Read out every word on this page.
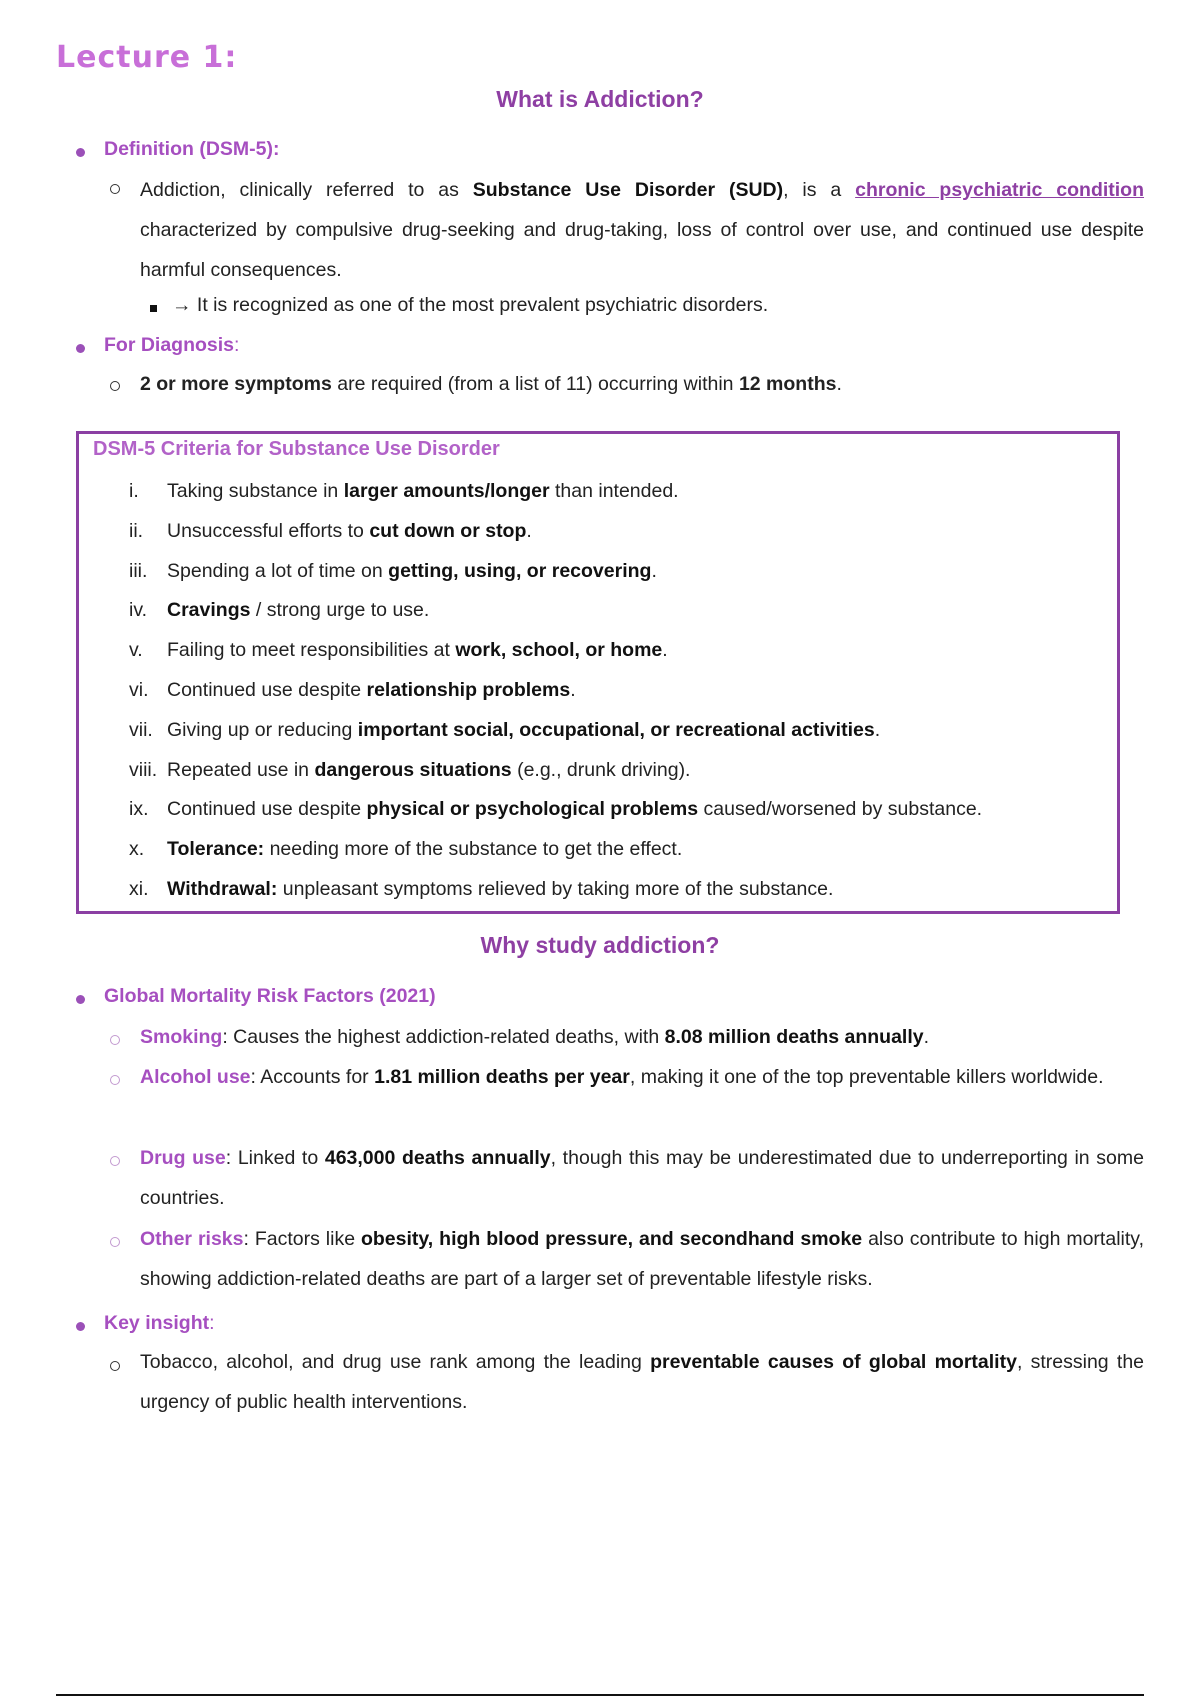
Lecture 1:
What is Addiction?

Definition (DSM-5):

Addiction, clinically referred to as Substance Use Disorder (SUD), is a chronic psychiatric condition characterized by compulsive drug-seeking and drug-taking, loss of control over use, and continued use despite harmful consequences.

→ It is recognized as one of the most prevalent psychiatric disorders.

For Diagnosis:

2 or more symptoms are required (from a list of 11) occurring within 12 months.

DSM-5 Criteria for Substance Use Disorder

i. Taking substance in larger amounts/longer than intended.

ii. Unsuccessful efforts to cut down or stop.

iii. Spending a lot of time on getting, using, or recovering.

iv. Cravings / strong urge to use.

v. Failing to meet responsibilities at work, school, or home.

vi. Continued use despite relationship problems.

vii. Giving up or reducing important social, occupational, or recreational activities.

viii. Repeated use in dangerous situations (e.g., drunk driving).

ix. Continued use despite physical or psychological problems caused/worsened by substance.

x. Tolerance: needing more of the substance to get the effect.

xi. Withdrawal: unpleasant symptoms relieved by taking more of the substance.

Why study addiction?

Global Mortality Risk Factors (2021)

Smoking: Causes the highest addiction-related deaths, with 8.08 million deaths annually.

Alcohol use: Accounts for 1.81 million deaths per year, making it one of the top preventable killers worldwide.

Drug use: Linked to 463,000 deaths annually, though this may be underestimated due to underreporting in some countries.

Other risks: Factors like obesity, high blood pressure, and secondhand smoke also contribute to high mortality, showing addiction-related deaths are part of a larger set of preventable lifestyle risks.

Key insight:

Tobacco, alcohol, and drug use rank among the leading preventable causes of global mortality, stressing the urgency of public health interventions.
